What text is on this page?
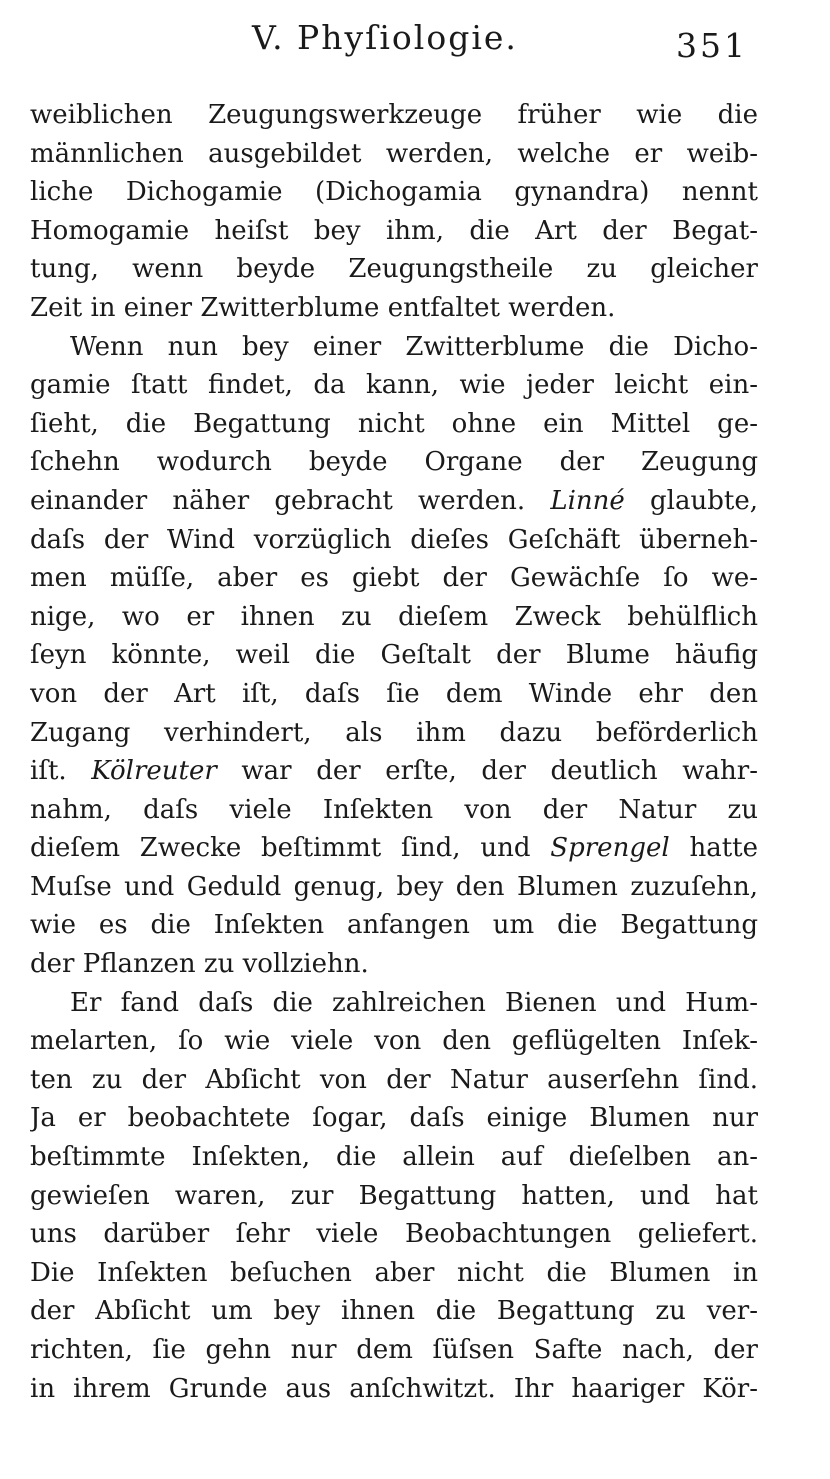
V. Phyſiologie.	351
weiblichen Zeugungswerkzeuge früher wie die
männlichen ausgebildet werden, welche er weib-
liche Dichogamie (Dichogamia gynandra) nennt
Homogamie heiſst bey ihm, die Art der Begat-
tung, wenn beyde Zeugungstheile zu gleicher
Zeit in einer Zwitterblume entfaltet werden.
Wenn nun bey einer Zwitterblume die Dicho-
gamie ſtatt findet, da kann, wie jeder leicht ein-
ſieht, die Begattung nicht ohne ein Mittel ge-
ſchehn wodurch beyde Organe der Zeugung
einander näher gebracht werden. Linné glaubte,
daſs der Wind vorzüglich dieſes Geſchäft überneh-
men müſſe, aber es giebt der Gewächſe ſo we-
nige, wo er ihnen zu dieſem Zweck behülflich
ſeyn könnte, weil die Geſtalt der Blume häufig
von der Art iſt, daſs ſie dem Winde ehr den
Zugang verhindert, als ihm dazu beförderlich
iſt. Kölreuter war der erſte, der deutlich wahr-
nahm, daſs viele Inſekten von der Natur zu
dieſem Zwecke beſtimmt ſind, und Sprengel hatte
Muſse und Geduld genug, bey den Blumen zuzuſehn,
wie es die Inſekten anfangen um die Begattung
der Pflanzen zu vollziehn.
Er fand daſs die zahlreichen Bienen und Hum-
melarten, ſo wie viele von den geflügelten Inſek-
ten zu der Abſicht von der Natur auserſehn ſind.
Ja er beobachtete ſogar, daſs einige Blumen nur
beſtimmte Inſekten, die allein auf dieſelben an-
gewieſen waren, zur Begattung hatten, und hat
uns darüber ſehr viele Beobachtungen geliefert.
Die Inſekten beſuchen aber nicht die Blumen in
der Abſicht um bey ihnen die Begattung zu ver-
richten, ſie gehn nur dem ſüſsen Safte nach, der
in ihrem Grunde aus anſchwitzt. Ihr haariger Kör-
